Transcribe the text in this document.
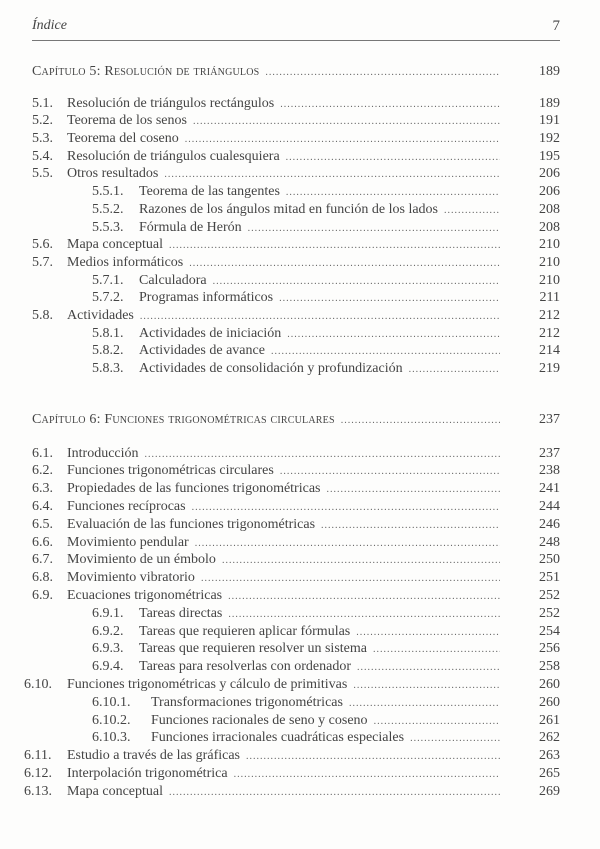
Índice	7
Capítulo 5: Resolución de triángulos .....	189
5.1. Resolución de triángulos rectángulos .....	189
5.2. Teorema de los senos .....	191
5.3. Teorema del coseno .....	192
5.4. Resolución de triángulos cualesquiera .....	195
5.5. Otros resultados .....	206
5.5.1. Teorema de las tangentes .....	206
5.5.2. Razones de los ángulos mitad en función de los lados .....	208
5.5.3. Fórmula de Herón .....	208
5.6. Mapa conceptual .....	210
5.7. Medios informáticos .....	210
5.7.1. Calculadora .....	210
5.7.2. Programas informáticos .....	211
5.8. Actividades .....	212
5.8.1. Actividades de iniciación .....	212
5.8.2. Actividades de avance .....	214
5.8.3. Actividades de consolidación y profundización .....	219
Capítulo 6: Funciones trigonométricas circulares .....	237
6.1. Introducción .....	237
6.2. Funciones trigonométricas circulares .....	238
6.3. Propiedades de las funciones trigonométricas .....	241
6.4. Funciones recíprocas .....	244
6.5. Evaluación de las funciones trigonométricas .....	246
6.6. Movimiento pendular .....	248
6.7. Movimiento de un émbolo .....	250
6.8. Movimiento vibratorio .....	251
6.9. Ecuaciones trigonométricas .....	252
6.9.1. Tareas directas .....	252
6.9.2. Tareas que requieren aplicar fórmulas .....	254
6.9.3. Tareas que requieren resolver un sistema .....	256
6.9.4. Tareas para resolverlas con ordenador .....	258
6.10. Funciones trigonométricas y cálculo de primitivas .....	260
6.10.1. Transformaciones trigonométricas .....	260
6.10.2. Funciones racionales de seno y coseno .....	261
6.10.3. Funciones irracionales cuadráticas especiales .....	262
6.11. Estudio a través de las gráficas .....	263
6.12. Interpolación trigonométrica .....	265
6.13. Mapa conceptual .....	269
